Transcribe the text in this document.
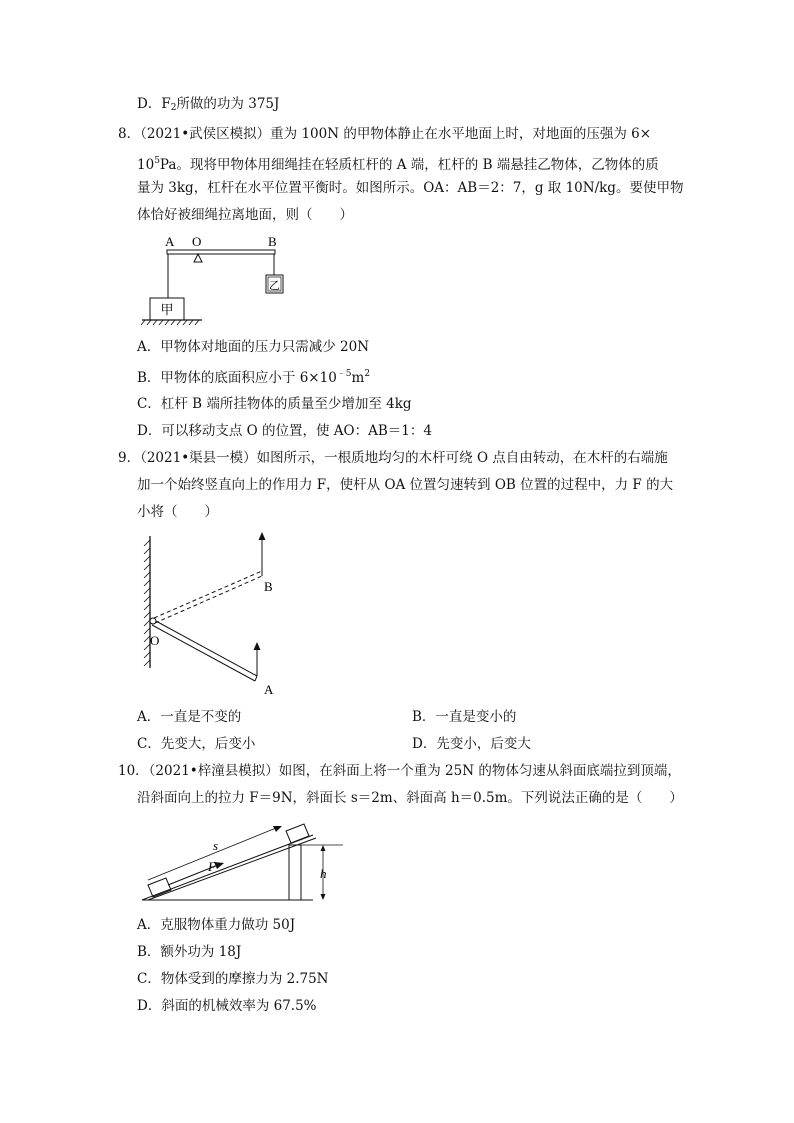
D．$F_2$所做的功为 375J
8．（2021•武侯区模拟）重为 100N 的甲物体静止在水平地面上时，对地面的压强为 6×
$10^5Pa$。现将甲物体用细绳挂在轻质杠杆的 A 端，杠杆的 B 端悬挂乙物体，乙物体的质
量为 3kg，杠杆在水平位置平衡时。如图所示。OA：AB＝2：7，g 取 10N/kg。要使甲物
体恰好被细绳拉离地面，则（　　）
A O	B
甲
乙
A．甲物体对地面的压力只需减少 20N
B．甲物体的底面积应小于 $6\times 10^{﹣5}m^2$
C．杠杆 B 端所挂物体的质量至少增加至 4kg
D．可以移动支点 O 的位置，使 AO：AB＝1：4
9．（2021•渠县一模）如图所示，一根质地均匀的木杆可绕 O 点自由转动，在木杆的右端施
加一个始终竖直向上的作用力 F，使杆从 OA 位置匀速转到 OB 位置的过程中，力 F 的大
小将（　　）
B
O
A
A．一直是不变的	B．一直是变小的
C．先变大，后变小	D．先变小，后变大
10．（2021•梓潼县模拟）如图，在斜面上将一个重为 25N 的物体匀速从斜面底端拉到顶端，
沿斜面向上的拉力 F＝9N，斜面长 s＝2m、斜面高 h＝0.5m。下列说法正确的是（　　）
h
s
F
A．克服物体重力做功 50J
B．额外功为 18J
C．物体受到的摩擦力为 2.75N
D．斜面的机械效率为 67.5%
